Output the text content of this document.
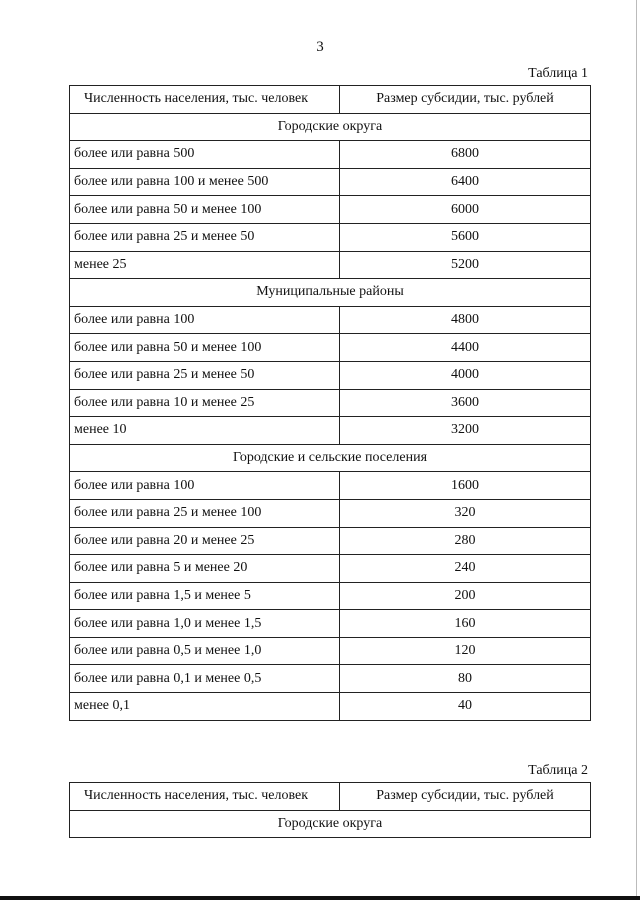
3
Таблица 1
Численность населения, тыс. человек	Размер субсидии, тыс. рублей
Городские округа	
более или равна 500	6800
более или равна 100 и менее 500	6400
более или равна 50 и менее 100	6000
более или равна 25 и менее 50	5600
менее 25	5200
Муниципальные районы	
более или равна 100	4800
более или равна 50 и менее 100	4400
более или равна 25 и менее 50	4000
более или равна 10 и менее 25	3600
менее 10	3200
Городские и сельские поселения	
более или равна 100	1600
более или равна 25 и менее 100	320
более или равна 20 и менее 25	280
более или равна 5 и менее 20	240
более или равна 1,5 и менее 5	200
более или равна 1,0 и менее 1,5	160
более или равна 0,5 и менее 1,0	120
более или равна 0,1 и менее 0,5	80
менее 0,1	40
Таблица 2
Численность населения, тыс. человек	Размер субсидии, тыс. рублей
Городские округа
